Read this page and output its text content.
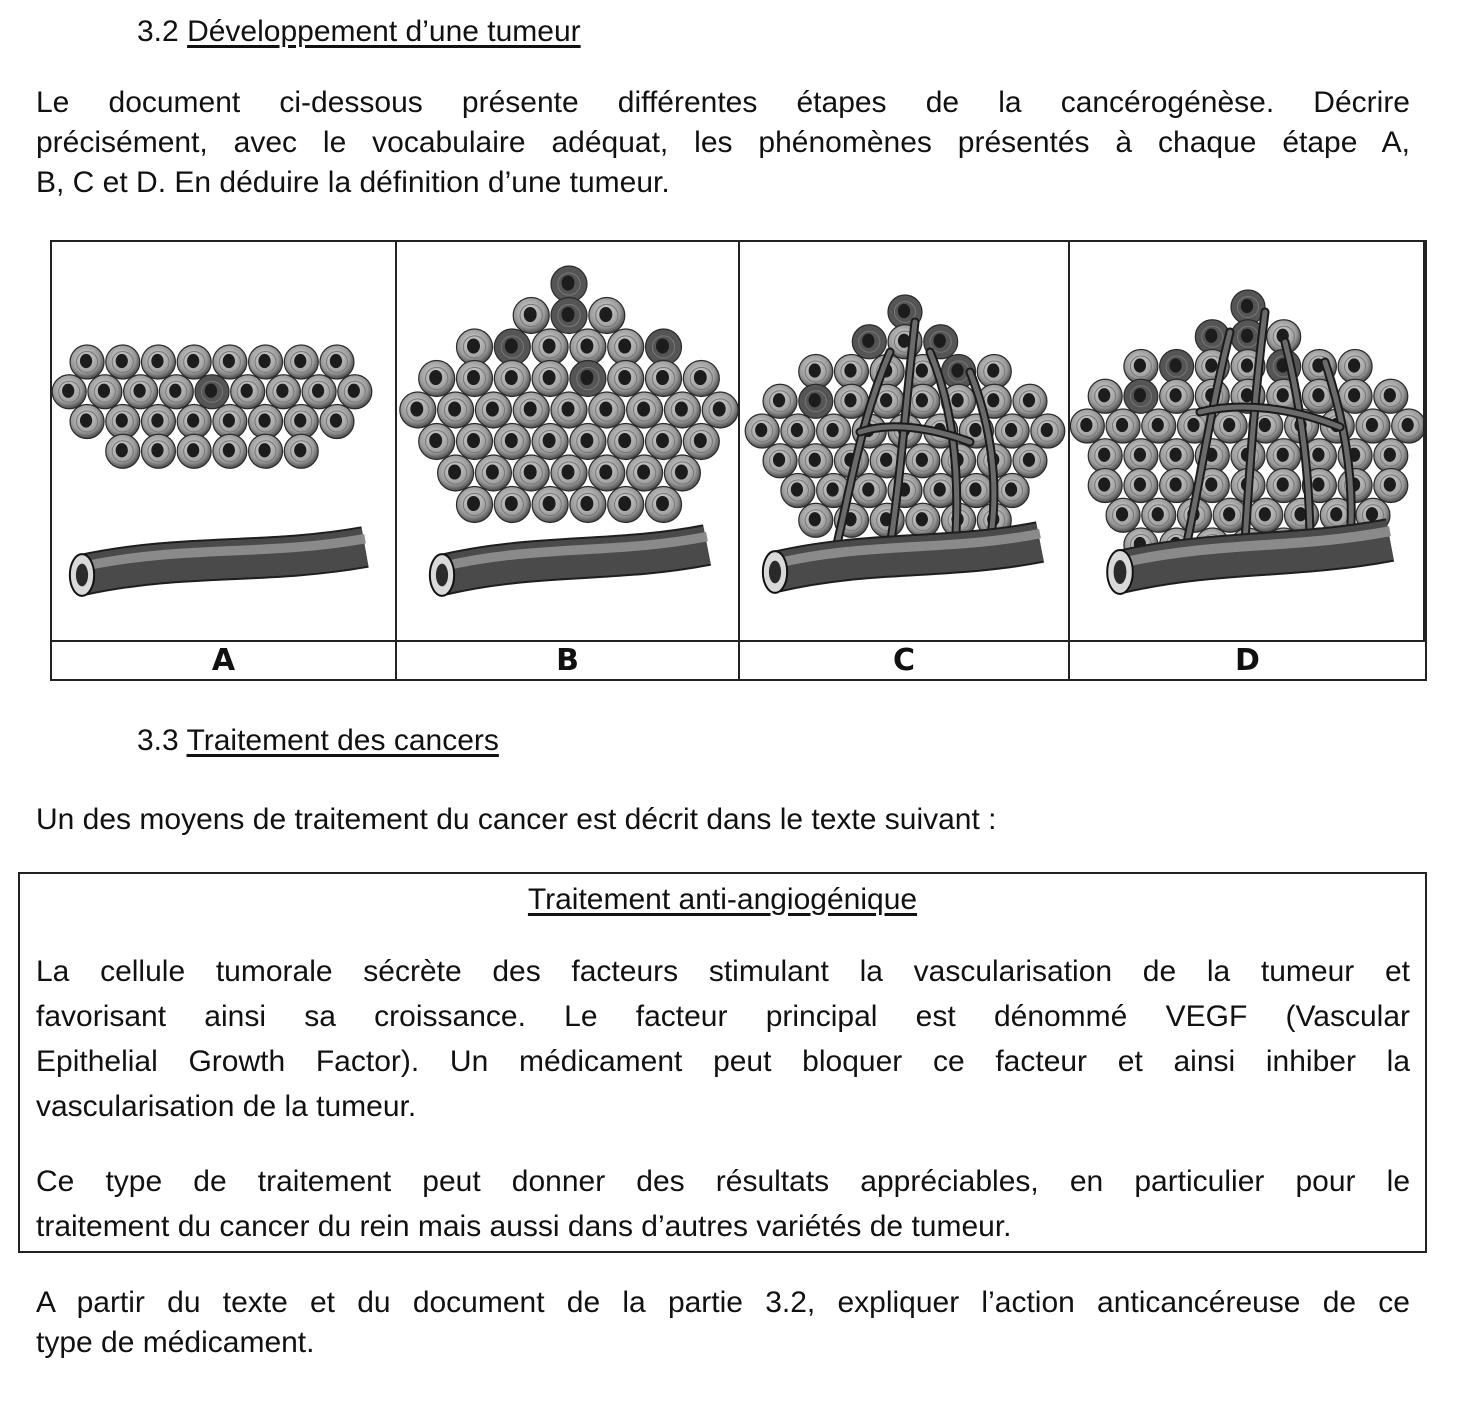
3.2 Développement d’une tumeur
Le document ci-dessous présente différentes étapes de la cancérogénèse. Décrire
précisément, avec le vocabulaire adéquat, les phénomènes présentés à chaque étape A,
B, C et D. En déduire la définition d’une tumeur.
A	B	C	D
3.3 Traitement des cancers
Un des moyens de traitement du cancer est décrit dans le texte suivant :
Traitement anti-angiogénique
La cellule tumorale sécrète des facteurs stimulant la vascularisation de la tumeur et
favorisant ainsi sa croissance. Le facteur principal est dénommé VEGF (Vascular
Epithelial Growth Factor). Un médicament peut bloquer ce facteur et ainsi inhiber la
vascularisation de la tumeur.
Ce type de traitement peut donner des résultats appréciables, en particulier pour le
traitement du cancer du rein mais aussi dans d’autres variétés de tumeur.
A partir du texte et du document de la partie 3.2, expliquer l’action anticancéreuse de ce
type de médicament.
